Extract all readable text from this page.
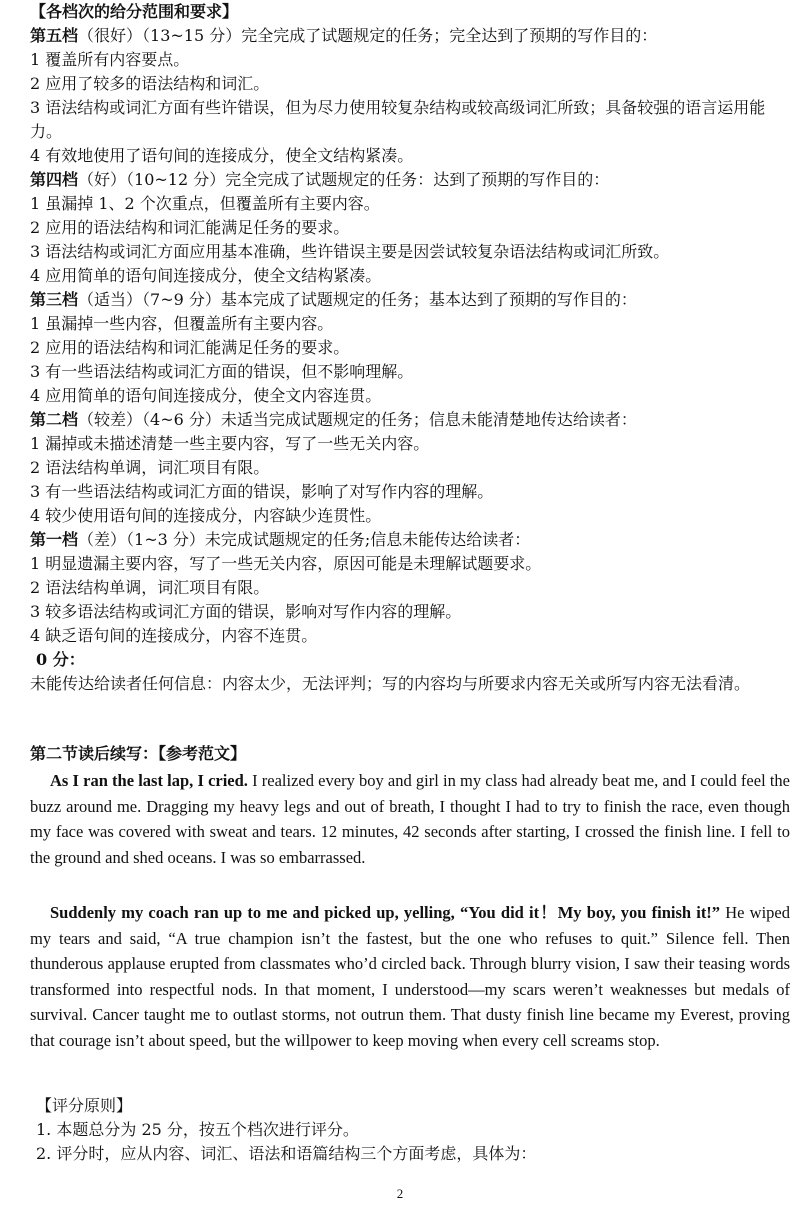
【各档次的给分范围和要求】
第五档（很好）（13~15 分）完全完成了试题规定的任务；完全达到了预期的写作目的：
1 覆盖所有内容要点。
2 应用了较多的语法结构和词汇。
3 语法结构或词汇方面有些许错误，但为尽力使用较复杂结构或较高级词汇所致；具备较强的语言运用能力。
4 有效地使用了语句间的连接成分，使全文结构紧凑。
第四档（好）（10~12 分）完全完成了试题规定的任务：达到了预期的写作目的：
1 虽漏掉 1、2 个次重点，但覆盖所有主要内容。
2 应用的语法结构和词汇能满足任务的要求。
3 语法结构或词汇方面应用基本准确，些许错误主要是因尝试较复杂语法结构或词汇所致。
4 应用简单的语句间连接成分，使全文结构紧凑。
第三档（适当）（7~9 分）基本完成了试题规定的任务；基本达到了预期的写作目的：
1 虽漏掉一些内容，但覆盖所有主要内容。
2 应用的语法结构和词汇能满足任务的要求。
3 有一些语法结构或词汇方面的错误，但不影响理解。
4 应用简单的语句间连接成分，使全文内容连贯。
第二档（较差）（4~6 分）未适当完成试题规定的任务；信息未能清楚地传达给读者：
1 漏掉或未描述清楚一些主要内容，写了一些无关内容。
2 语法结构单调，词汇项目有限。
3 有一些语法结构或词汇方面的错误，影响了对写作内容的理解。
4 较少使用语句间的连接成分，内容缺少连贯性。
第一档（差）（1~3 分）未完成试题规定的任务;信息未能传达给读者：
1 明显遗漏主要内容，写了一些无关内容，原因可能是未理解试题要求。
2 语法结构单调，词汇项目有限。
3 较多语法结构或词汇方面的错误，影响对写作内容的理解。
4 缺乏语句间的连接成分，内容不连贯。
0 分：
未能传达给读者任何信息：内容太少，无法评判；写的内容均与所要求内容无关或所写内容无法看清。
第二节读后续写：【参考范文】
As I ran the last lap, I cried. I realized every boy and girl in my class had already beat me, and I could feel the buzz around me. Dragging my heavy legs and out of breath, I thought I had to try to finish the race, even though my face was covered with sweat and tears. 12 minutes, 42 seconds after starting, I crossed the finish line. I fell to the ground and shed oceans. I was so embarrassed.
Suddenly my coach ran up to me and picked up, yelling, “You did it！My boy, you finish it!” He wiped my tears and said, “A true champion isn’t the fastest, but the one who refuses to quit.” Silence fell. Then thunderous applause erupted from classmates who’d circled back. Through blurry vision, I saw their teasing words transformed into respectful nods. In that moment, I understood—my scars weren’t weaknesses but medals of survival. Cancer taught me to outlast storms, not outrun them. That dusty finish line became my Everest, proving that courage isn’t about speed, but the willpower to keep moving when every cell screams stop.
【评分原则】
1. 本题总分为 25 分，按五个档次进行评分。
2. 评分时，应从内容、词汇、语法和语篇结构三个方面考虑，具体为：
2
